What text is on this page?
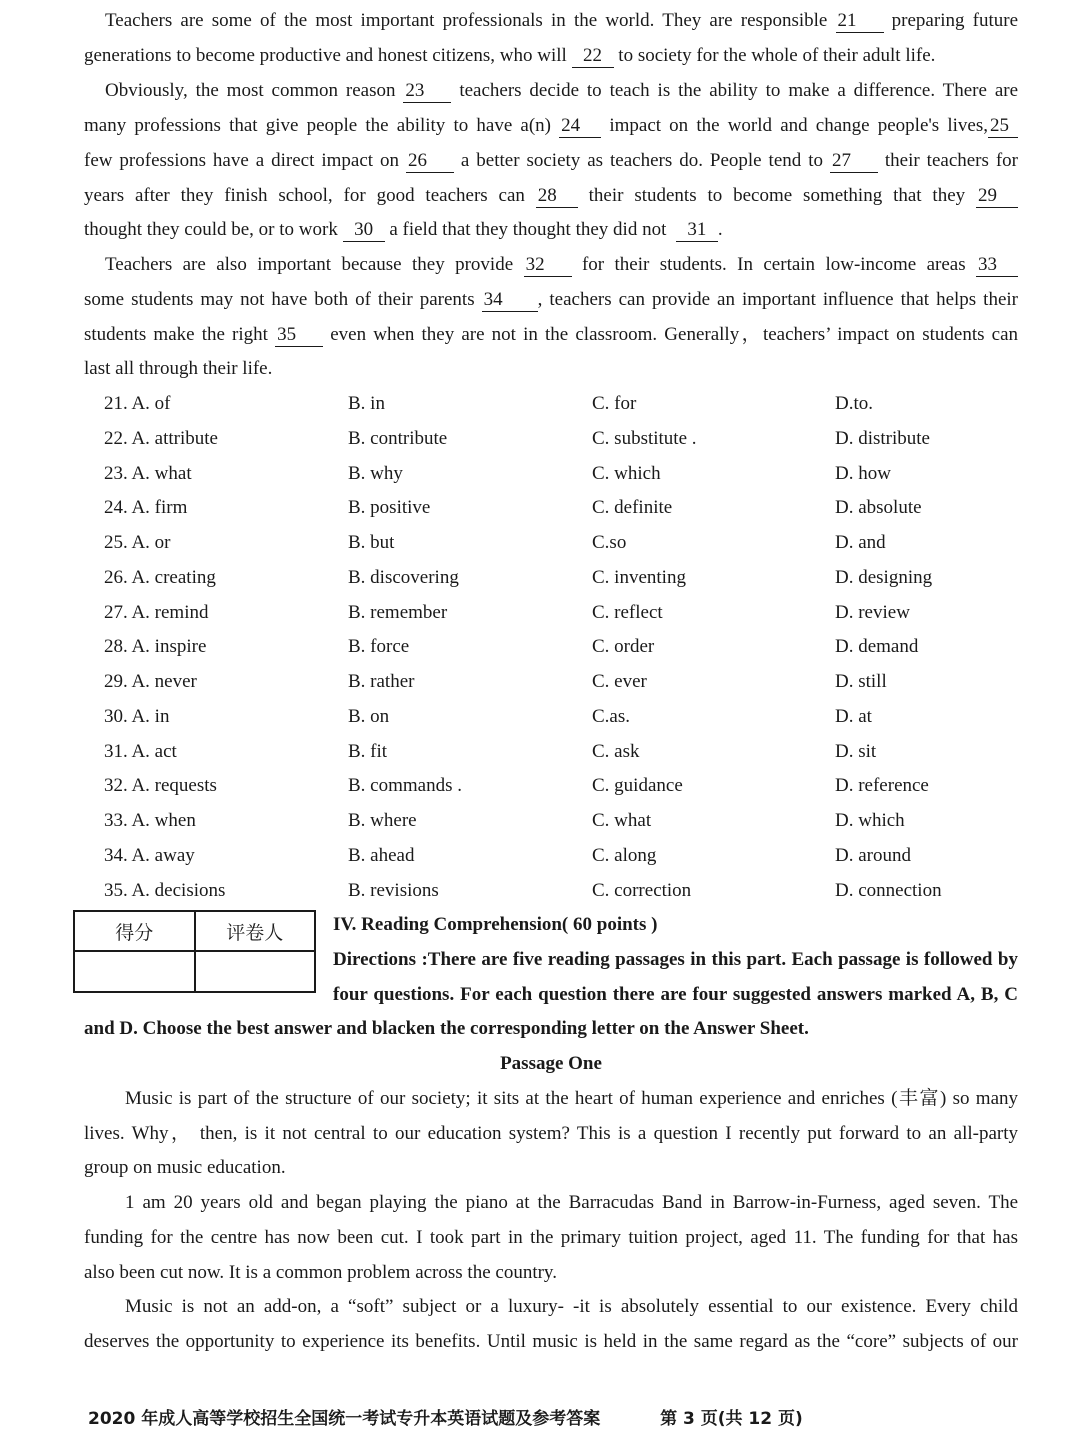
Teachers are some of the most important professionals in the world. They are responsible 21 preparing future
generations to become productive and honest citizens, who will 22 to society for the whole of their adult life.
Obviously, the most common reason 23 teachers decide to teach is the ability to make a difference. There are
many professions that give people the ability to have a(n) 24 impact on the world and change people's lives, 25
few professions have a direct impact on 26 a better society as teachers do. People tend to 27 their teachers for
years after they finish school, for good teachers can 28 their students to become something that they 29
thought they could be, or to work 30 a field that they thought they did not 31 .
Teachers are also important because they provide 32 for their students. In certain low-income areas 33
some students may not have both of their parents 34 , teachers can provide an important influence that helps their
students make the right 35 even when they are not in the classroom. Generally，teachers’ impact on students can
last all through their life.
21. A. of	B. in	C. for	D.to.
22. A. attribute	B. contribute	C. substitute .	D. distribute
23. A. what	B. why	C. which	D. how
24. A. firm	B. positive	C. definite	D. absolute
25. A. or	B. but	C.so	D. and
26. A. creating	B. discovering	C. inventing	D. designing
27. A. remind	B. remember	C. reflect	D. review
28. A. inspire	B. force	C. order	D. demand
29. A. never	B. rather	C. ever	D. still
30. A. in	B. on	C.as.	D. at
31. A. act	B. fit	C. ask	D. sit
32. A. requests	B. commands .	C. guidance	D. reference
33. A. when	B. where	C. what	D. which
34. A. away	B. ahead	C. along	D. around
35. A. decisions	B. revisions	C. correction	D. connection
得分	评卷人
		IV. Reading Comprehension( 60 points )
Directions :There are five reading passages in this part. Each passage is followed by
four questions. For each question there are four suggested answers marked A, B, C
and D. Choose the best answer and blacken the corresponding letter on the Answer Sheet.
Passage One
Music is part of the structure of our society; it sits at the heart of human experience and enriches (丰富) so many
lives. Why， then, is it not central to our education system? This is a question I recently put forward to an all-party
group on music education.
1 am 20 years old and began playing the piano at the Barracudas Band in Barrow-in-Furness, aged seven. The
funding for the centre has now been cut. I took part in the primary tuition project, aged 11. The funding for that has
also been cut now. It is a common problem across the country.
Music is not an add-on, a “soft” subject or a luxury- -it is absolutely essential to our existence. Every child
deserves the opportunity to experience its benefits. Until music is held in the same regard as the “core” subjects of our
2020 年成人高等学校招生全国统一考试专升本英语试题及参考答案	第 3 页(共 12 页)
